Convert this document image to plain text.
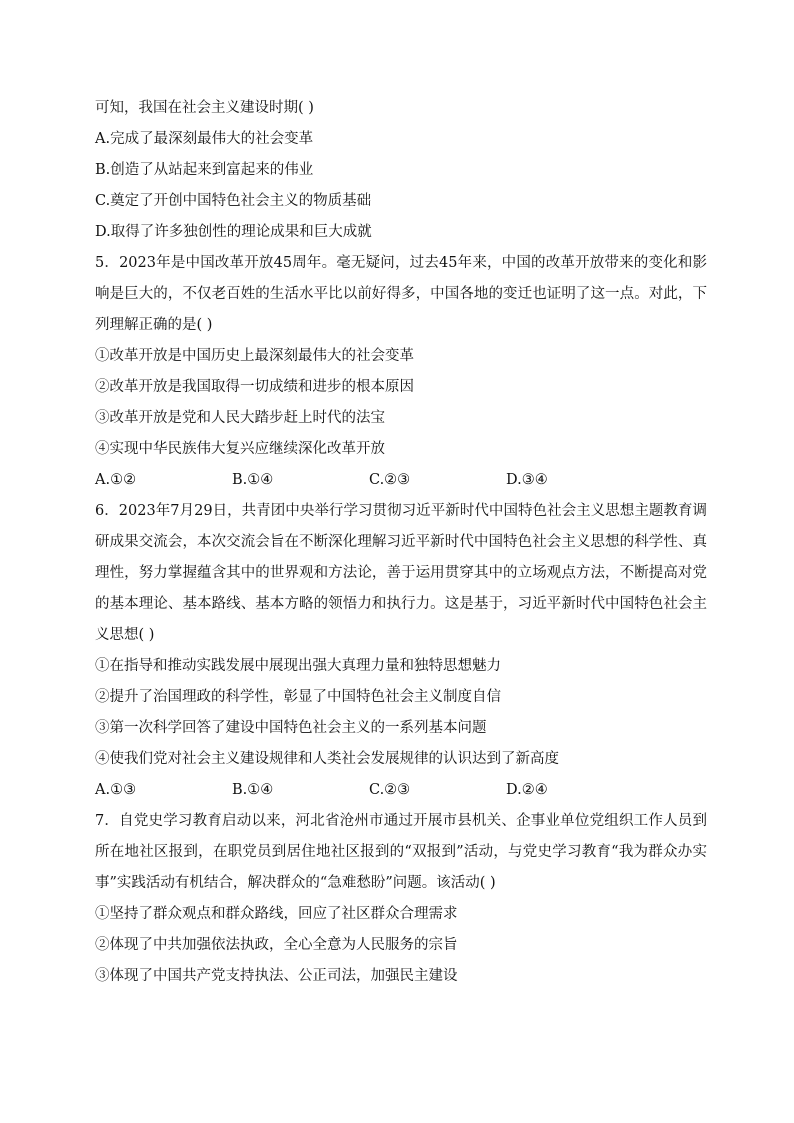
可知，我国在社会主义建设时期( )
A.完成了最深刻最伟大的社会变革
B.创造了从站起来到富起来的伟业
C.奠定了开创中国特色社会主义的物质基础
D.取得了许多独创性的理论成果和巨大成就
5．2023年是中国改革开放45周年。毫无疑问，过去45年来，中国的改革开放带来的变化和影响是巨大的，不仅老百姓的生活水平比以前好得多，中国各地的变迁也证明了这一点。对此，下列理解正确的是( )
①改革开放是中国历史上最深刻最伟大的社会变革
②改革开放是我国取得一切成绩和进步的根本原因
③改革开放是党和人民大踏步赶上时代的法宝
④实现中华民族伟大复兴应继续深化改革开放
A.①②	B.①④	C.②③	D.③④
6．2023年7月29日，共青团中央举行学习贯彻习近平新时代中国特色社会主义思想主题教育调研成果交流会，本次交流会旨在不断深化理解习近平新时代中国特色社会主义思想的科学性、真理性，努力掌握蕴含其中的世界观和方法论，善于运用贯穿其中的立场观点方法，不断提高对党的基本理论、基本路线、基本方略的领悟力和执行力。这是基于，习近平新时代中国特色社会主义思想( )
①在指导和推动实践发展中展现出强大真理力量和独特思想魅力
②提升了治国理政的科学性，彰显了中国特色社会主义制度自信
③第一次科学回答了建设中国特色社会主义的一系列基本问题
④使我们党对社会主义建设规律和人类社会发展规律的认识达到了新高度
A.①③	B.①④	C.②③	D.②④
7．自党史学习教育启动以来，河北省沧州市通过开展市县机关、企事业单位党组织工作人员到所在地社区报到，在职党员到居住地社区报到的“双报到”活动，与党史学习教育“我为群众办实事”实践活动有机结合，解决群众的“急难愁盼”问题。该活动( )
①坚持了群众观点和群众路线，回应了社区群众合理需求
②体现了中共加强依法执政，全心全意为人民服务的宗旨
③体现了中国共产党支持执法、公正司法，加强民主建设
